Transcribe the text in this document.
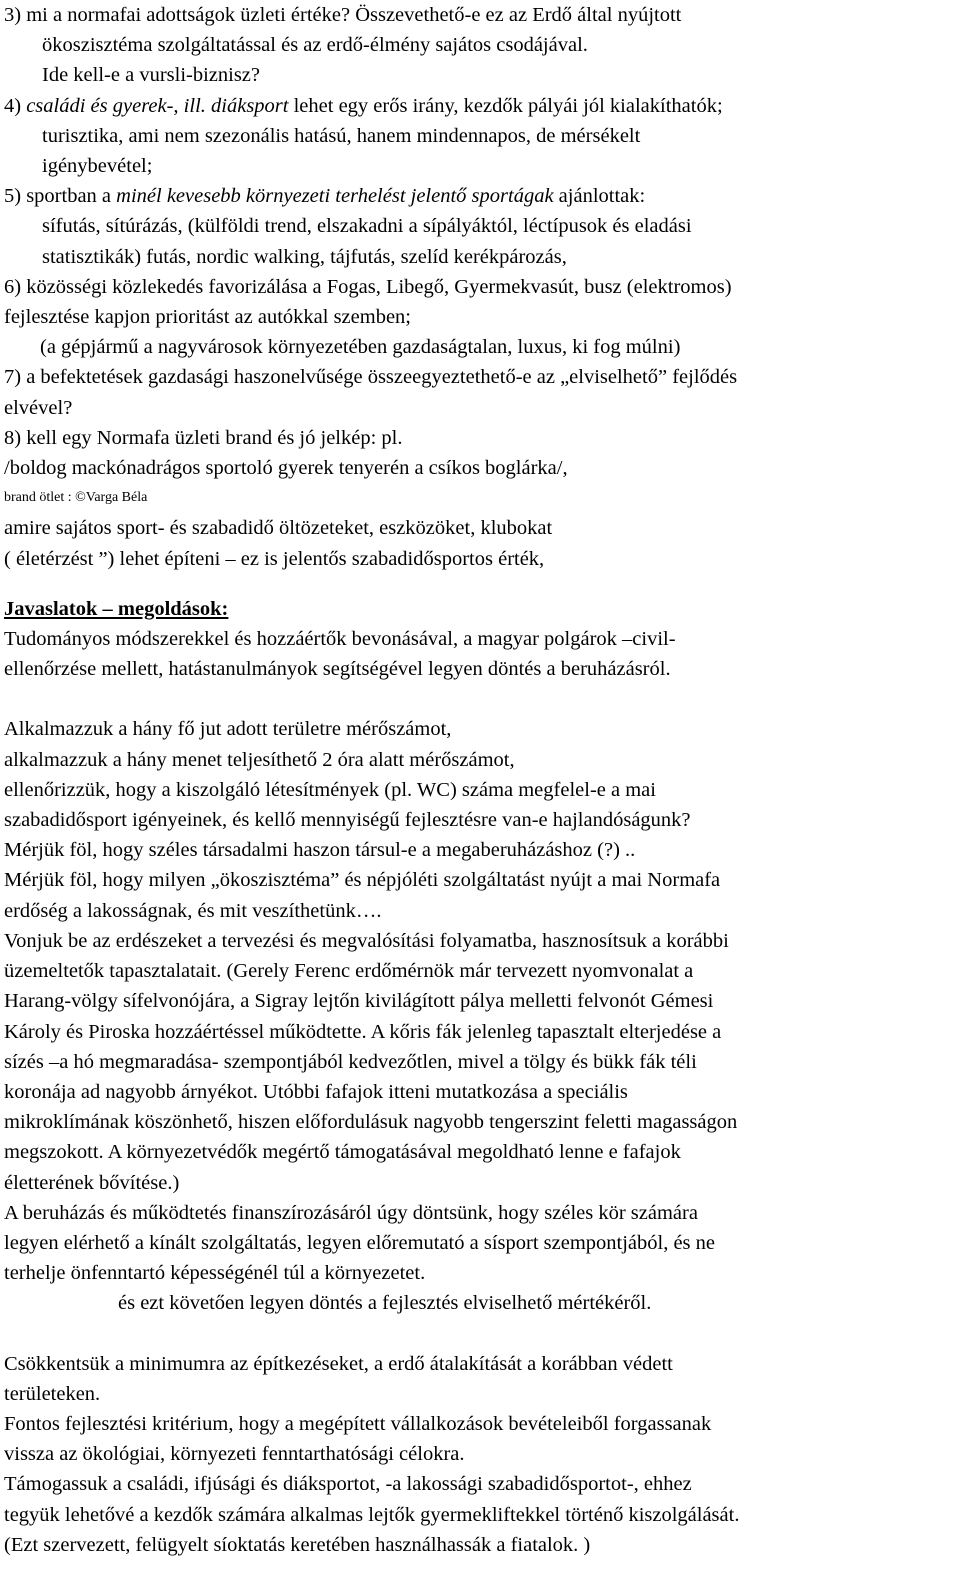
3) mi a normafai adottságok üzleti értéke? Összevethető-e ez az Erdő által nyújtott
ökoszisztéma szolgáltatással és az erdő-élmény sajátos csodájával.
Ide kell-e a vursli-biznisz?
4) családi és gyerek-, ill. diáksport lehet egy erős irány, kezdők pályái jól kialakíthatók;
turisztika, ami nem szezonális hatású, hanem mindennapos, de mérsékelt
igénybevétel;
5) sportban a minél kevesebb környezeti terhelést jelentő sportágak ajánlottak:
sífutás, sítúrázás, (külföldi trend, elszakadni a sípályáktól, léctípusok és eladási
statisztikák) futás, nordic walking, tájfutás, szelíd kerékpározás,
6) közösségi közlekedés favorizálása a Fogas, Libegő, Gyermekvasút, busz (elektromos)
fejlesztése kapjon prioritást az autókkal szemben;
(a gépjármű a nagyvárosok környezetében gazdaságtalan, luxus, ki fog múlni)
7) a befektetések gazdasági haszonelvűsége összeegyeztethető-e az „elviselhető” fejlődés
elvével?
8) kell egy Normafa üzleti brand és jó jelkép: pl.
/boldog mackónadrágos sportoló gyerek tenyerén a csíkos boglárka/,
brand ötlet : ©Varga Béla
amire sajátos sport- és szabadidő öltözeteket, eszközöket, klubokat
( életérzést ”) lehet építeni – ez is jelentős szabadidősportos érték,
Javaslatok – megoldások:
Tudományos módszerekkel és hozzáértők bevonásával, a magyar polgárok –civil-
ellenőrzése mellett, hatástanulmányok segítségével legyen döntés a beruházásról.
Alkalmazzuk a hány fő jut adott területre mérőszámot,
alkalmazzuk a hány menet teljesíthető 2 óra alatt mérőszámot,
ellenőrizzük, hogy a kiszolgáló létesítmények (pl. WC) száma megfelel-e a mai
szabadidősport igényeinek, és kellő mennyiségű fejlesztésre van-e hajlandóságunk?
Mérjük föl, hogy széles társadalmi haszon társul-e a megaberuházáshoz (?) ..
Mérjük föl, hogy milyen „ökoszisztéma” és népjóléti szolgáltatást nyújt a mai Normafa
erdőség a lakosságnak, és mit veszíthetünk….
Vonjuk be az erdészeket a tervezési és megvalósítási folyamatba, hasznosítsuk a korábbi
üzemeltetők tapasztalatait. (Gerely Ferenc erdőmérnök már tervezett nyomvonalat a
Harang-völgy sífelvonójára, a Sigray lejtőn kivilágított pálya melletti felvonót Gémesi
Károly és Piroska hozzáértéssel működtette. A kőris fák jelenleg tapasztalt elterjedése a
sízés –a hó megmaradása- szempontjából kedvezőtlen, mivel a tölgy és bükk fák téli
koronája ad nagyobb árnyékot. Utóbbi fafajok itteni mutatkozása a speciális
mikroklímának köszönhető, hiszen előfordulásuk nagyobb tengerszint feletti magasságon
megszokott. A környezetvédők megértő támogatásával megoldható lenne e fafajok
életterének bővítése.)
A beruházás és működtetés finanszírozásáról úgy döntsünk, hogy széles kör számára
legyen elérhető a kínált szolgáltatás, legyen előremutató a sísport szempontjából, és ne
terhelje önfenntartó képességénél túl a környezetet.
és ezt követően legyen döntés a fejlesztés elviselhető mértékéről.
Csökkentsük a minimumra az építkezéseket, a erdő átalakítását a korábban védett
területeken.
Fontos fejlesztési kritérium, hogy a megépített vállalkozások bevételeiből forgassanak
vissza az ökológiai, környezeti fenntarthatósági célokra.
Támogassuk a családi, ifjúsági és diáksportot, -a lakossági szabadidősportot-, ehhez
tegyük lehetővé a kezdők számára alkalmas lejtők gyermekliftekkel történő kiszolgálását.
(Ezt szervezett, felügyelt síoktatás keretében használhassák a fiatalok. )
